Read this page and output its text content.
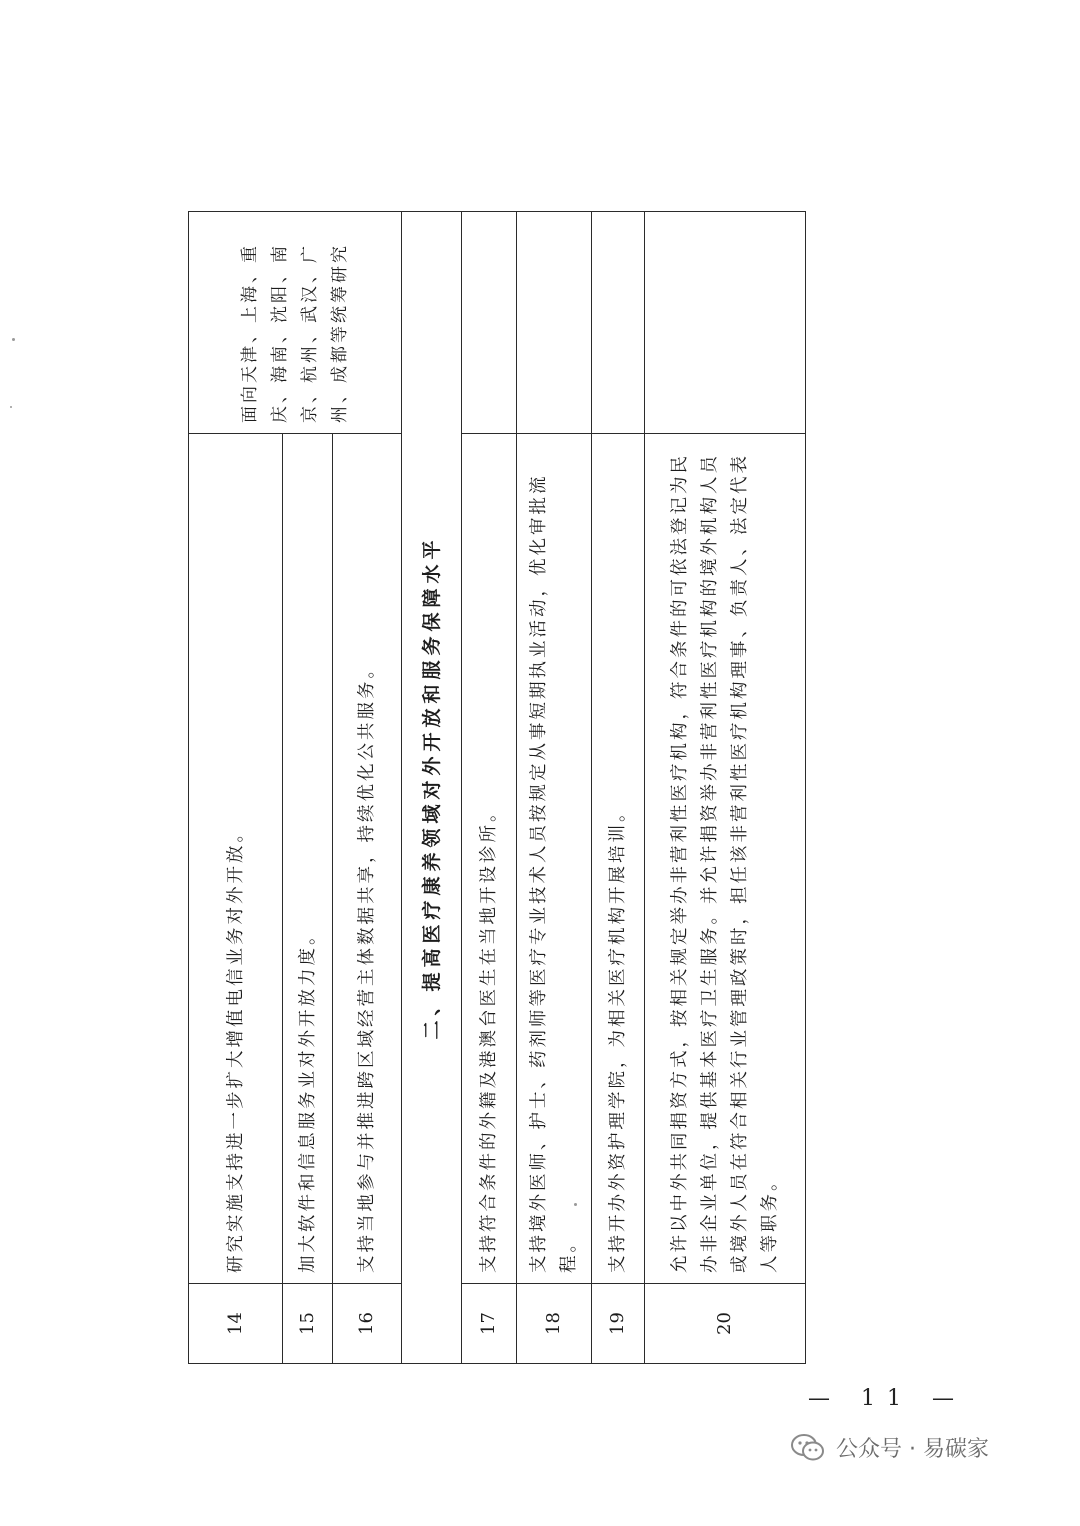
14	研究实施支持进一步扩大增值电信业务对外开放。	面向天津、上海、重庆、海南、沈阳、南京、杭州、武汉、广州、成都等统筹研究
15	加大软件和信息服务业对外开放力度。	
16	支持当地参与并推进跨区域经营主体数据共享，持续优化公共服务。	
二、提高医疗康养领域对外开放和服务保障水平		
17	支持符合条件的外籍及港澳台医生在当地开设诊所。	
18	支持境外医师、护士、药剂师等医疗专业技术人员按规定从事短期执业活动，优化审批流程。	
19	支持开办外资护理学院，为相关医疗机构开展培训。	
20	允许以中外共同捐资方式，按相关规定举办非营利性医疗机构，符合条件的可依法登记为民办非企业单位，提供基本医疗卫生服务。并允许捐资举办非营利性医疗机构的境外机构人员或境外人员在符合相关行业管理政策时，担任该非营利性医疗机构理事、负责人、法定代表人等职务。	
— 11 —
公众号 · 易碳家
